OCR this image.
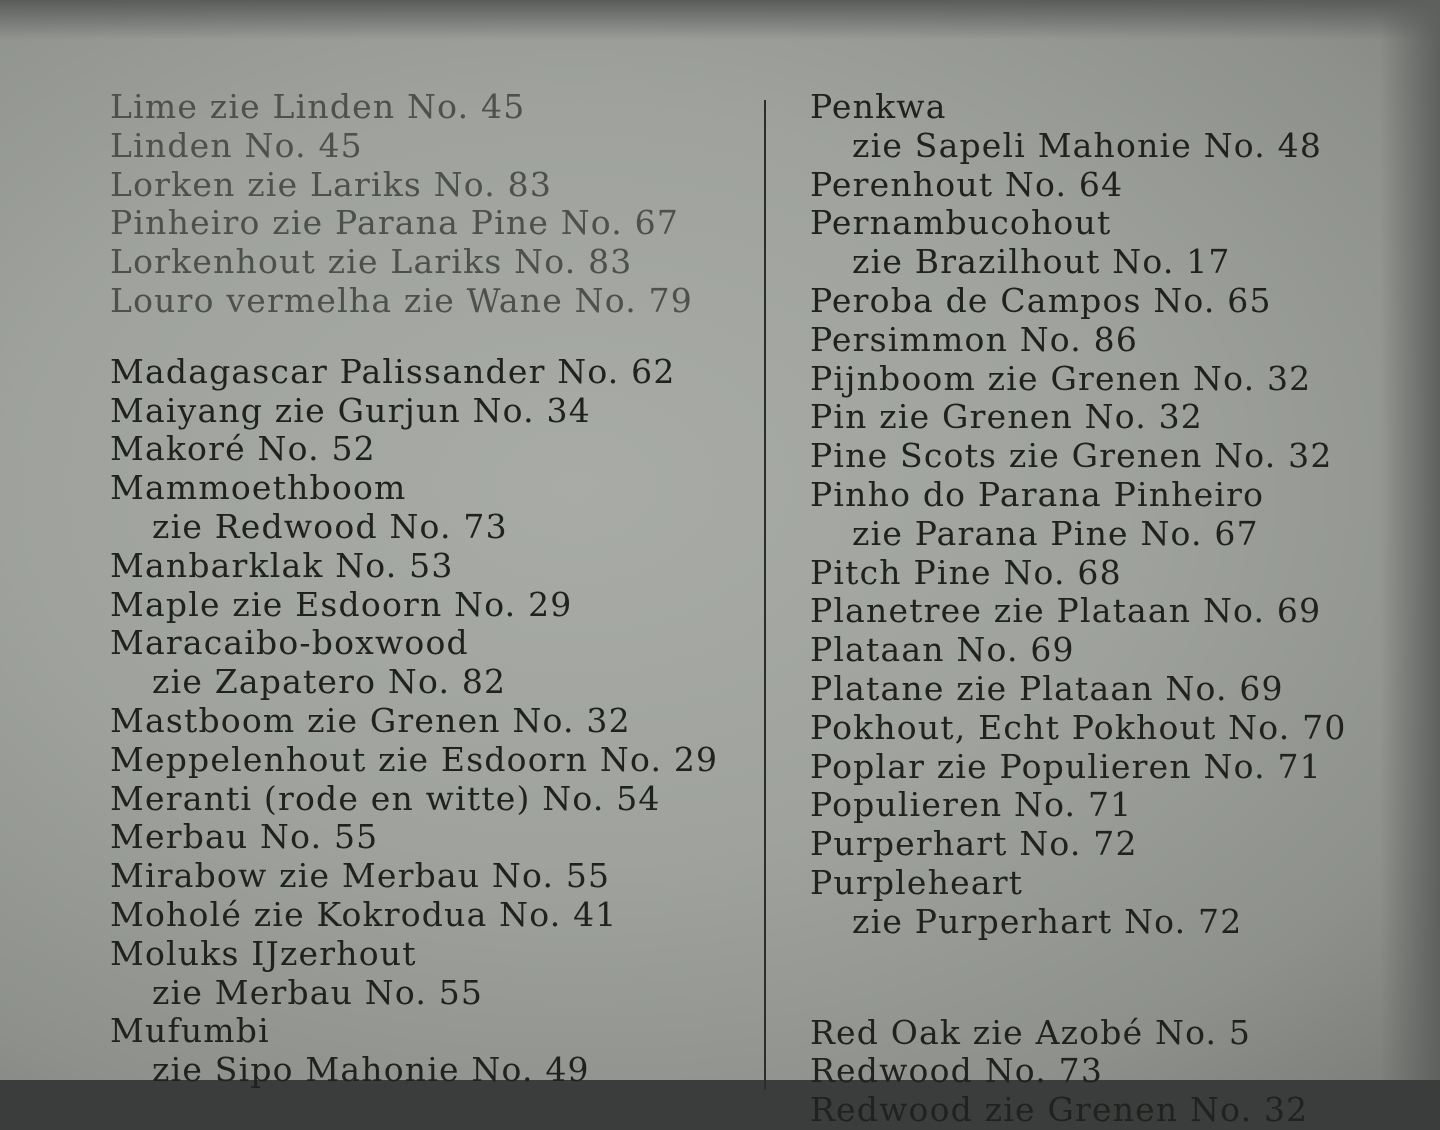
Lime zie Linden No. 45
Linden No. 45
Lorken zie Lariks No. 83
Pinheiro zie Parana Pine No. 67
Lorkenhout zie Lariks No. 83
Louro vermelha zie Wane No. 79
Madagascar Palissander No. 62
Maiyang zie Gurjun No. 34
Makoré No. 52
Mammoethboom
zie Redwood No. 73
Manbarklak No. 53
Maple zie Esdoorn No. 29
Maracaibo-boxwood
zie Zapatero No. 82
Mastboom zie Grenen No. 32
Meppelenhout zie Esdoorn No. 29
Meranti (rode en witte) No. 54
Merbau No. 55
Mirabow zie Merbau No. 55
Moholé zie Kokrodua No. 41
Moluks IJzerhout
zie Merbau No. 55
Mufumbi
zie Sipo Mahonie No. 49
Penkwa
zie Sapeli Mahonie No. 48
Perenhout No. 64
Pernambucohout
zie Brazilhout No. 17
Peroba de Campos No. 65
Persimmon No. 86
Pijnboom zie Grenen No. 32
Pin zie Grenen No. 32
Pine Scots zie Grenen No. 32
Pinho do Parana Pinheiro
zie Parana Pine No. 67
Pitch Pine No. 68
Planetree zie Plataan No. 69
Plataan No. 69
Platane zie Plataan No. 69
Pokhout, Echt Pokhout No. 70
Poplar zie Populieren No. 71
Populieren No. 71
Purperhart No. 72
Purpleheart
zie Purperhart No. 72
Red Oak zie Azobé No. 5
Redwood No. 73
Redwood zie Grenen No. 32
